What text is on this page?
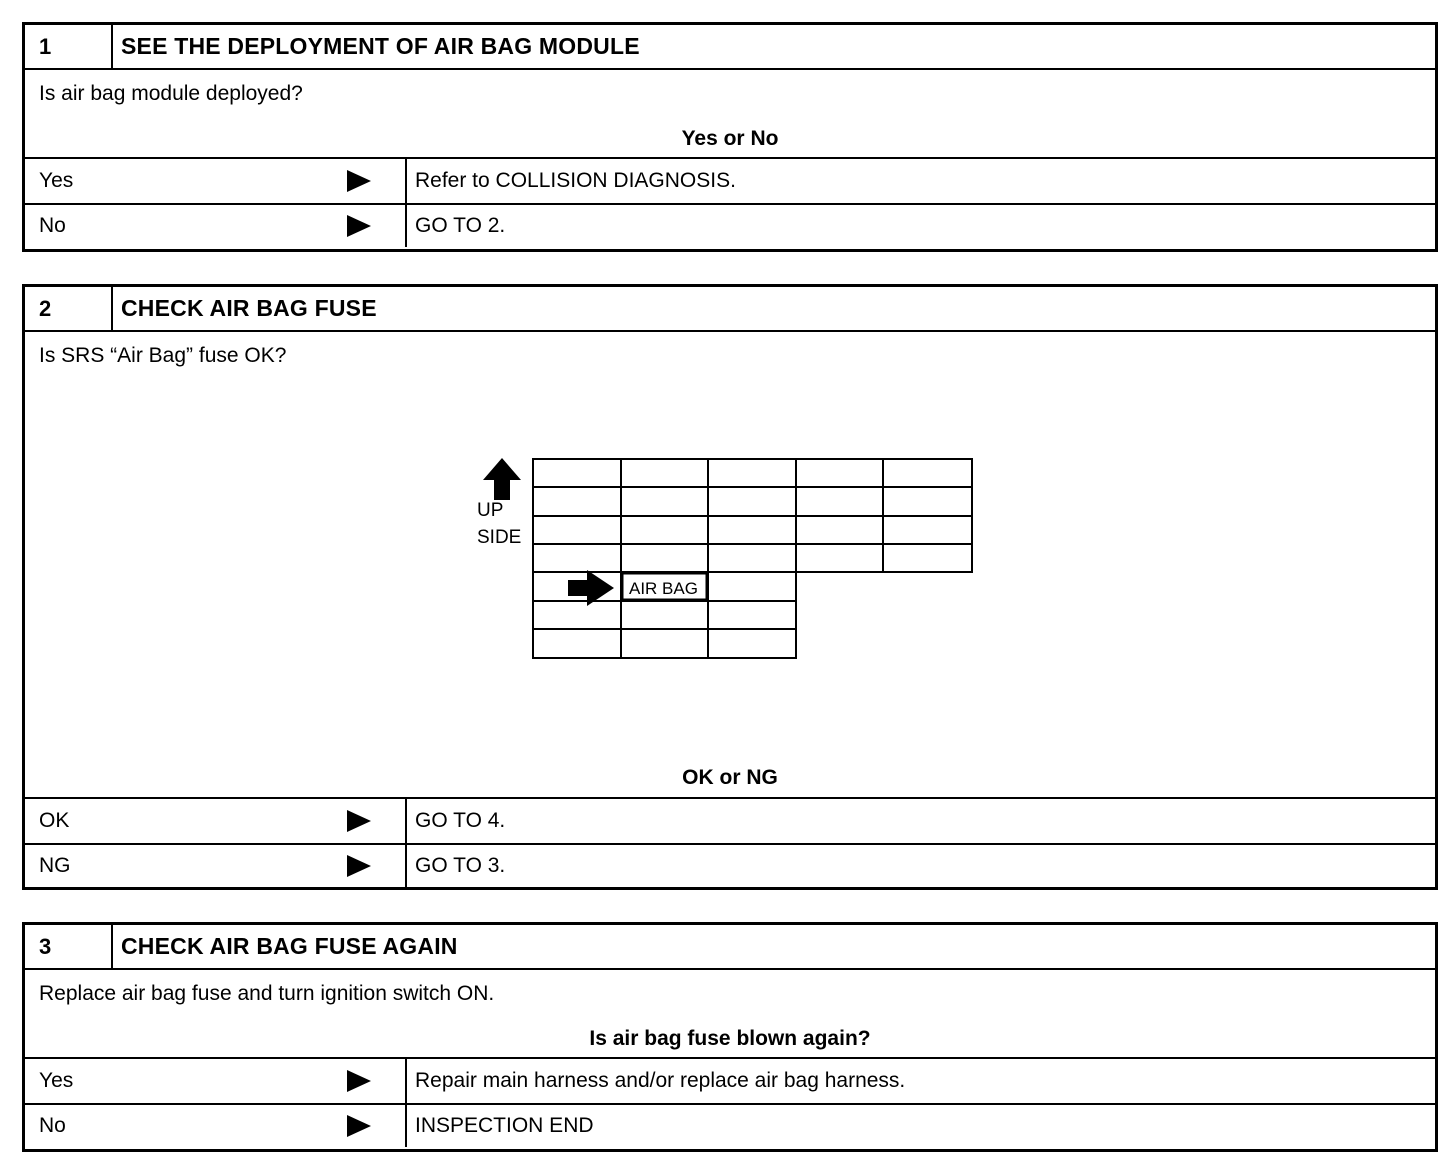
1	SEE THE DEPLOYMENT OF AIR BAG MODULE
Is air bag module deployed?
Yes or No
Yes	Refer to COLLISION DIAGNOSIS.
No	GO TO 2.
2	CHECK AIR BAG FUSE
Is SRS “Air Bag” fuse OK?
UP
SIDE
AIR BAG
OK or NG
OK	GO TO 4.
NG	GO TO 3.
3	CHECK AIR BAG FUSE AGAIN
Replace air bag fuse and turn ignition switch ON.
Is air bag fuse blown again?
Yes	Repair main harness and/or replace air bag harness.
No	INSPECTION END
